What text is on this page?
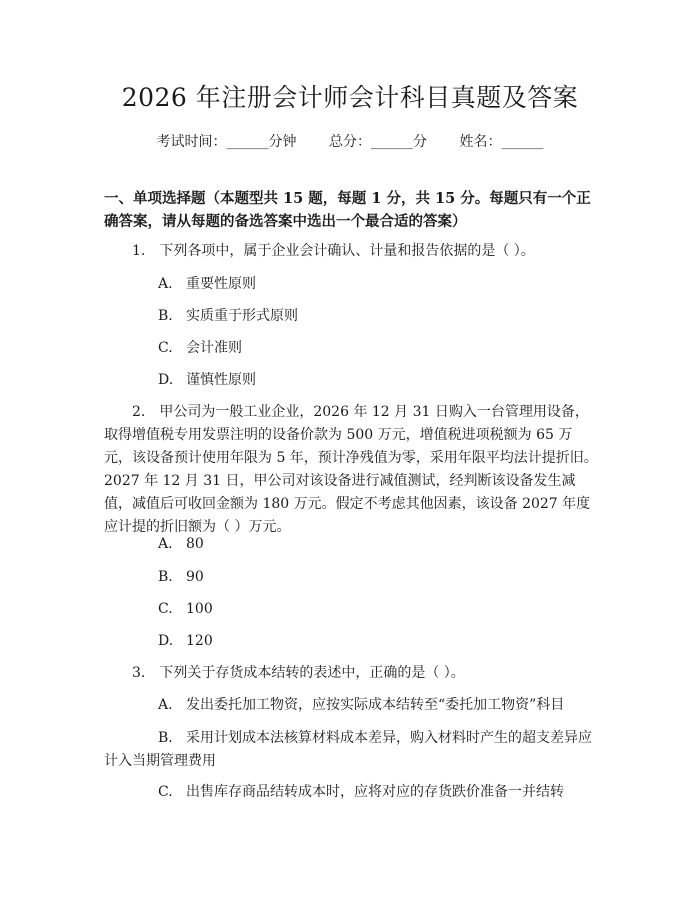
2026 年注册会计师会计科目真题及答案
考试时间：______分钟 总分：______分 姓名：______
一、单项选择题（本题型共 15 题，每题 1 分，共 15 分。每题只有一个正确答案，请从每题的备选答案中选出一个最合适的答案）
1. 下列各项中，属于企业会计确认、计量和报告依据的是（ ）。
A. 重要性原则
B. 实质重于形式原则
C. 会计准则
D. 谨慎性原则
2. 甲公司为一般工业企业，2026 年 12 月 31 日购入一台管理用设备，取得增值税专用发票注明的设备价款为 500 万元，增值税进项税额为 65 万元，该设备预计使用年限为 5 年，预计净残值为零，采用年限平均法计提折旧。2027 年 12 月 31 日，甲公司对该设备进行减值测试，经判断该设备发生减值，减值后可收回金额为 180 万元。假定不考虑其他因素，该设备 2027 年度应计提的折旧额为（ ）万元。
A. 80
B. 90
C. 100
D. 120
3. 下列关于存货成本结转的表述中，正确的是（ ）。
A. 发出委托加工物资，应按实际成本结转至“委托加工物资”科目
B. 采用计划成本法核算材料成本差异，购入材料时产生的超支差异应计入当期管理费用
C. 出售库存商品结转成本时，应将对应的存货跌价准备一并结转
